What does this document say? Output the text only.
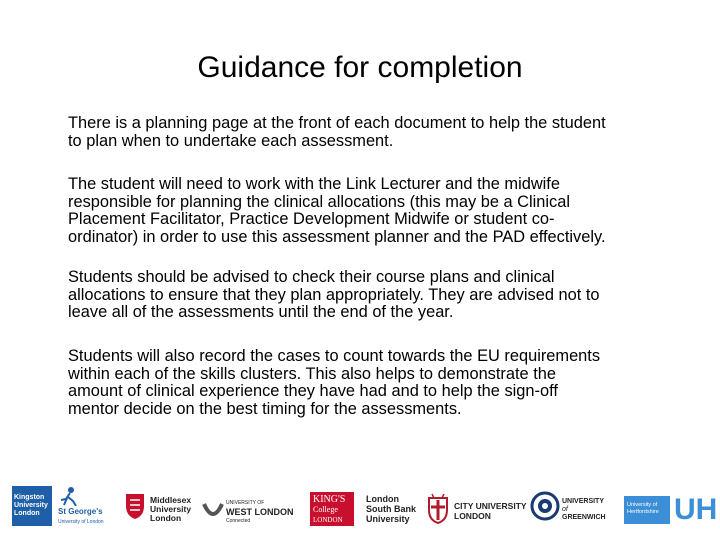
Guidance for completion

There is a planning page at the front of each document to help the student
to plan when to undertake each assessment.

The student will need to work with the Link Lecturer and the midwife
responsible for planning the clinical allocations (this may be a Clinical
Placement Facilitator, Practice Development Midwife or student co-
ordinator) in order to use this assessment planner and the PAD effectively.

Students should be advised to check their course plans and clinical
allocations to ensure that they plan appropriately. They are advised not to
leave all of the assessments until the end of the year.

Students will also record the cases to count towards the EU requirements
within each of the skills clusters. This also helps to demonstrate the
amount of clinical experience they have had and to help the sign-off
mentor decide on the best timing for the assessments.

Kingston
University
London	St George's
University of London
Middlesex
University
London
UNIVERSITY OF
WEST LONDON
Connected
KING'S
College
LONDON
London
South Bank
University
CITY UNIVERSITY
LONDON
UNIVERSITY
of
GREENWICH
University of
Hertfordshire UH
